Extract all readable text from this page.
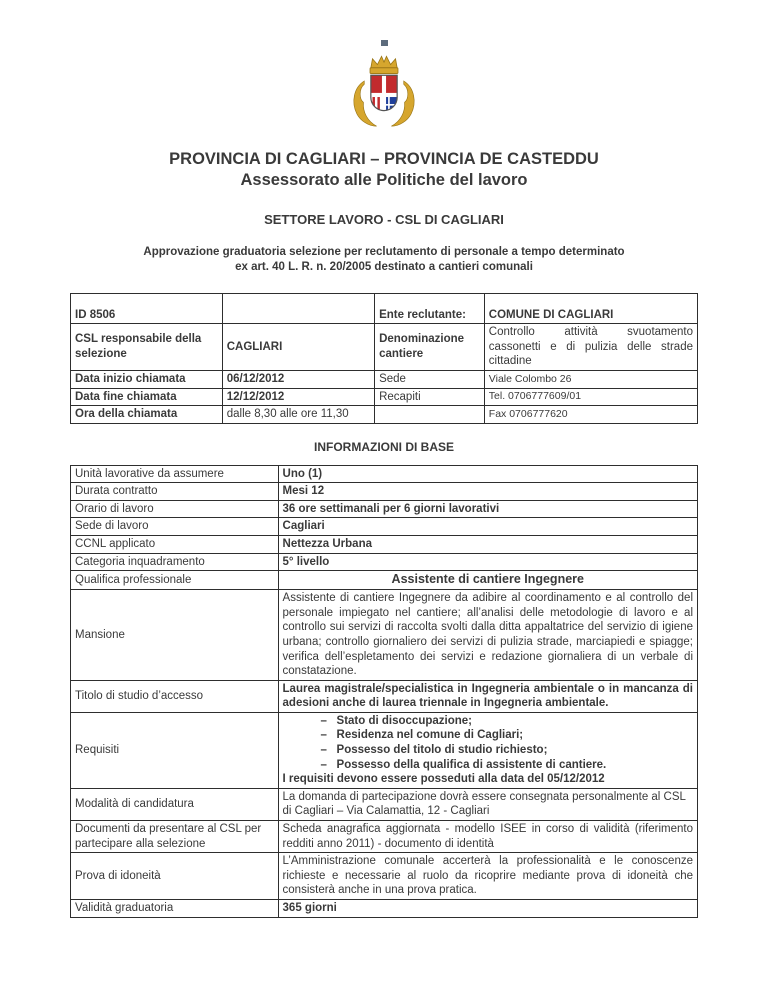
PROVINCIA DI CAGLIARI – PROVINCIA DE CASTEDDU
Assessorato alle Politiche del lavoro
SETTORE LAVORO - CSL DI CAGLIARI
Approvazione graduatoria selezione per reclutamento di personale a tempo determinato
ex art. 40 L. R. n. 20/2005 destinato a cantieri comunali
ID 8506		Ente reclutante:	COMUNE DI CAGLIARI
CSL responsabile della selezione	CAGLIARI	Denominazione cantiere	Controllo attività svuotamento cassonetti e di pulizia delle strade cittadine
Data inizio chiamata	06/12/2012	Sede	Viale Colombo 26
Data fine chiamata	12/12/2012	Recapiti	Tel. 0706777609/01
Ora della chiamata	dalle 8,30 alle ore 11,30		Fax 0706777620
INFORMAZIONI DI BASE
Unità lavorative da assumere	Uno (1)
Durata contratto	Mesi 12
Orario di lavoro	36 ore settimanali per 6 giorni lavorativi
Sede di lavoro	Cagliari
CCNL applicato	Nettezza Urbana
Categoria inquadramento	5° livello
Qualifica professionale	Assistente di cantiere Ingegnere
Mansione	Assistente di cantiere Ingegnere da adibire al coordinamento e al controllo del personale impiegato nel cantiere; all’analisi delle metodologie di lavoro e al controllo sui servizi di raccolta svolti dalla ditta appaltatrice del servizio di igiene urbana; controllo giornaliero dei servizi di pulizia strade, marciapiedi e spiagge; verifica dell’espletamento dei servizi e redazione giornaliera di un verbale di constatazione.
Titolo di studio d’accesso	Laurea magistrale/specialistica in Ingegneria ambientale o in mancanza di adesioni anche di laurea triennale in Ingegneria ambientale.
Requisiti	
– Stato di disoccupazione;
– Residenza nel comune di Cagliari;
– Possesso del titolo di studio richiesto;
– Possesso della qualifica di assistente di cantiere.
I requisiti devono essere posseduti alla data del 05/12/2012

Modalità di candidatura	La domanda di partecipazione dovrà essere consegnata personalmente al CSL di Cagliari – Via Calamattia, 12 - Cagliari
Documenti da presentare al CSL per partecipare alla selezione	Scheda anagrafica aggiornata - modello ISEE in corso di validità (riferimento redditi anno 2011) - documento di identità
Prova di idoneità	L’Amministrazione comunale accerterà la professionalità e le conoscenze richieste e necessarie al ruolo da ricoprire mediante prova di idoneità che consisterà anche in una prova pratica.
Validità graduatoria	365 giorni
